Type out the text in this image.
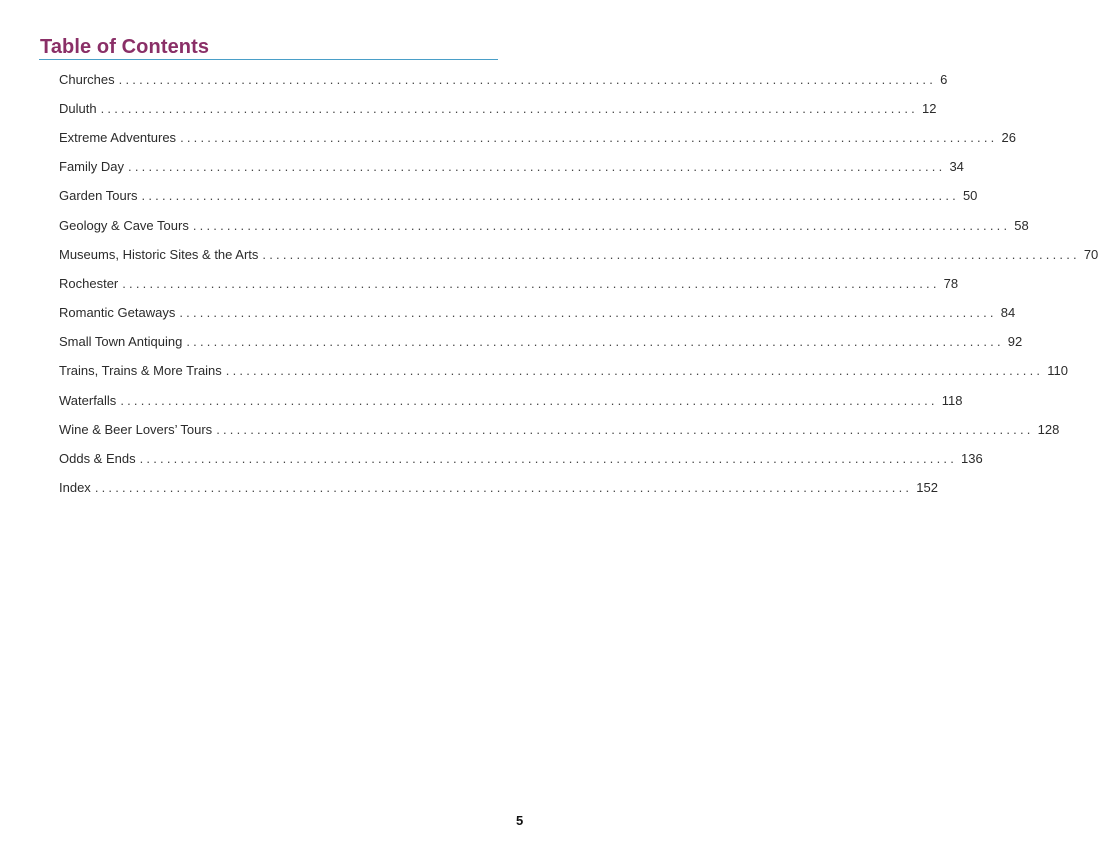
Table of Contents
Churches ........................................................................................................................ 6
Duluth ........................................................................................................................ 12
Extreme Adventures ........................................................................................................................ 26
Family Day ........................................................................................................................ 34
Garden Tours ........................................................................................................................ 50
Geology & Cave Tours ........................................................................................................................ 58
Museums, Historic Sites & the Arts ........................................................................................................................ 70
Rochester ........................................................................................................................ 78
Romantic Getaways ........................................................................................................................ 84
Small Town Antiquing ........................................................................................................................ 92
Trains, Trains & More Trains ........................................................................................................................ 110
Waterfalls ........................................................................................................................ 118
Wine & Beer Lovers’ Tours ........................................................................................................................ 128
Odds & Ends ........................................................................................................................ 136
Index ........................................................................................................................ 152
5
